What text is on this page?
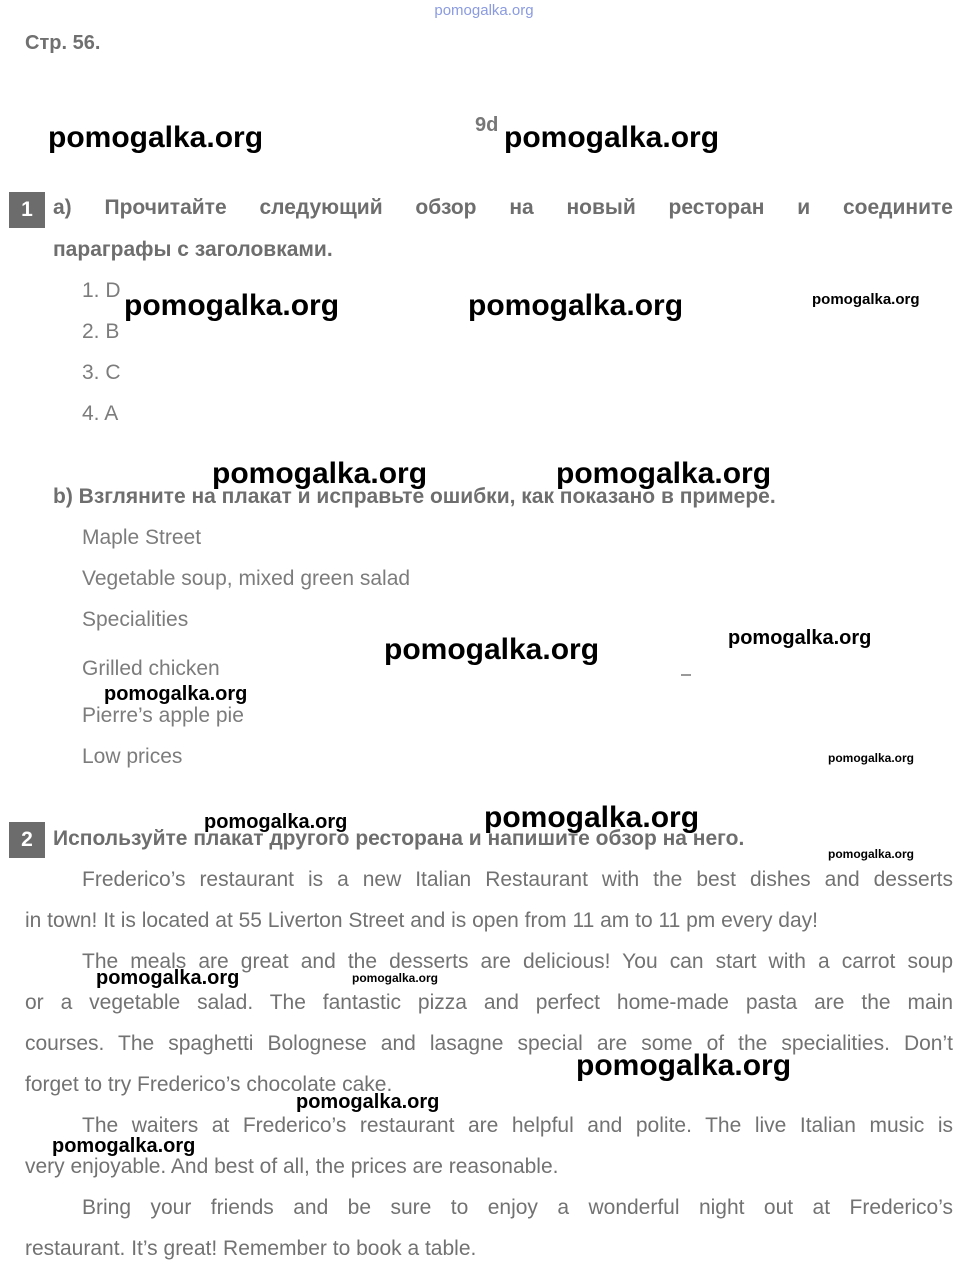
pomogalka.org
Стр. 56.
9d
1 а) Прочитайте следующий обзор на новый ресторан и соедините
параграфы с заголовками.
1. D
2. B
3. C
4. A
b) Взгляните на плакат и исправьте ошибки, как показано в примере.
Maple Street
Vegetable soup, mixed green salad
Specialities
Grilled chicken
Pierre’s apple pie
Low prices
2 Используйте плакат другого ресторана и напишите обзор на него.
Frederico’s restaurant is a new Italian Restaurant with the best dishes and desserts
in town! It is located at 55 Liverton Street and is open from 11 am to 11 pm every day!
The meals are great and the desserts are delicious! You can start with a carrot soup
or a vegetable salad. The fantastic pizza and perfect home-made pasta are the main
courses. The spaghetti Bolognese and lasagne special are some of the specialities. Don’t
forget to try Frederico’s chocolate cake.
The waiters at Frederico’s restaurant are helpful and polite. The live Italian music is
very enjoyable. And best of all, the prices are reasonable.
Bring your friends and be sure to enjoy a wonderful night out at Frederico’s
restaurant. It’s great! Remember to book a table.
pomogalka.org	pomogalka.org
pomogalka.org	pomogalka.org	pomogalka.org
pomogalka.org	pomogalka.org
pomogalka.org	pomogalka.org
pomogalka.org
pomogalka.org
pomogalka.org	pomogalka.org
pomogalka.org
pomogalka.org	pomogalka.org
pomogalka.org
pomogalka.org
pomogalka.org
